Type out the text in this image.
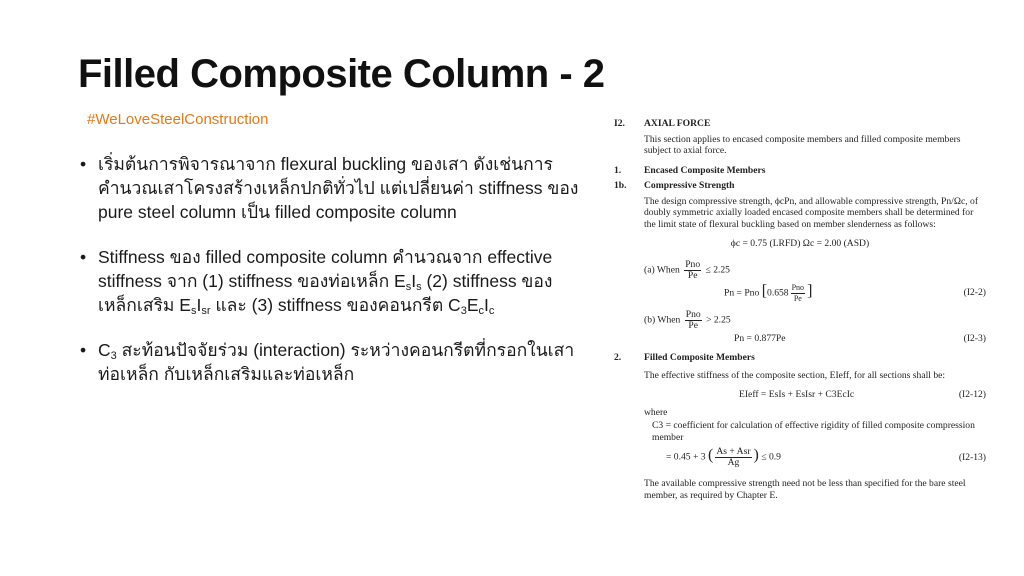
Filled Composite Column - 2
#WeLoveSteelConstruction
• เริ่มต้นการพิจารณาจาก flexural buckling ของเสา ดังเช่นการคำนวณเสาโครงสร้างเหล็กปกติทั่วไป แต่เปลี่ยนค่า stiffness ของ pure steel column เป็น filled composite column
• Stiffness ของ filled composite column คำนวณจาก effective stiffness จาก (1) stiffness ของท่อเหล็ก $E_sI_s$ (2) stiffness ของเหล็กเสริม $E_sI_{sr}$ และ (3) stiffness ของคอนกรีต $C_3E_cI_c$
• $C_3$ สะท้อนปัจจัยร่วม (interaction) ระหว่างคอนกรีตที่กรอกในเสาท่อเหล็ก กับเหล็กเสริมและท่อเหล็ก
I2.	AXIAL FORCE
This section applies to encased composite members and filled composite members subject to axial force.
1.	Encased Composite Members
1b.	Compressive Strength
The design compressive strength, ϕcPn, and allowable compressive strength, Pn/Ωc, of doubly symmetric axially loaded encased composite members shall be determined for the limit state of flexural buckling based on member slenderness as follows:
ϕc = 0.75 (LRFD) Ωc = 2.00 (ASD)
(a) When $\frac{\text{Pno}}{Pe} \le 2.25$
Pn = Pno [$0.658 \frac{\text{Pno}}{Pe}$ ]	(I2-2)
(b) When $\frac{\text{Pno}}{Pe} > 2.25$
Pn = 0.877Pe	(I2-3)
2.	Filled Composite Members
The effective stiffness of the composite section, EIeff, for all sections shall be:
EIeff = EsIs + EsIsr + C3EcIc	(I2-12)
where
C3 = coefficient for calculation of effective rigidity of filled composite compression member
= 0.45 + 3 ( $\frac{\text{As + Asr}}{Ag}$ ) ≤ 0.9	(I2-13)
The available compressive strength need not be less than specified for the bare steel member, as required by Chapter E.
